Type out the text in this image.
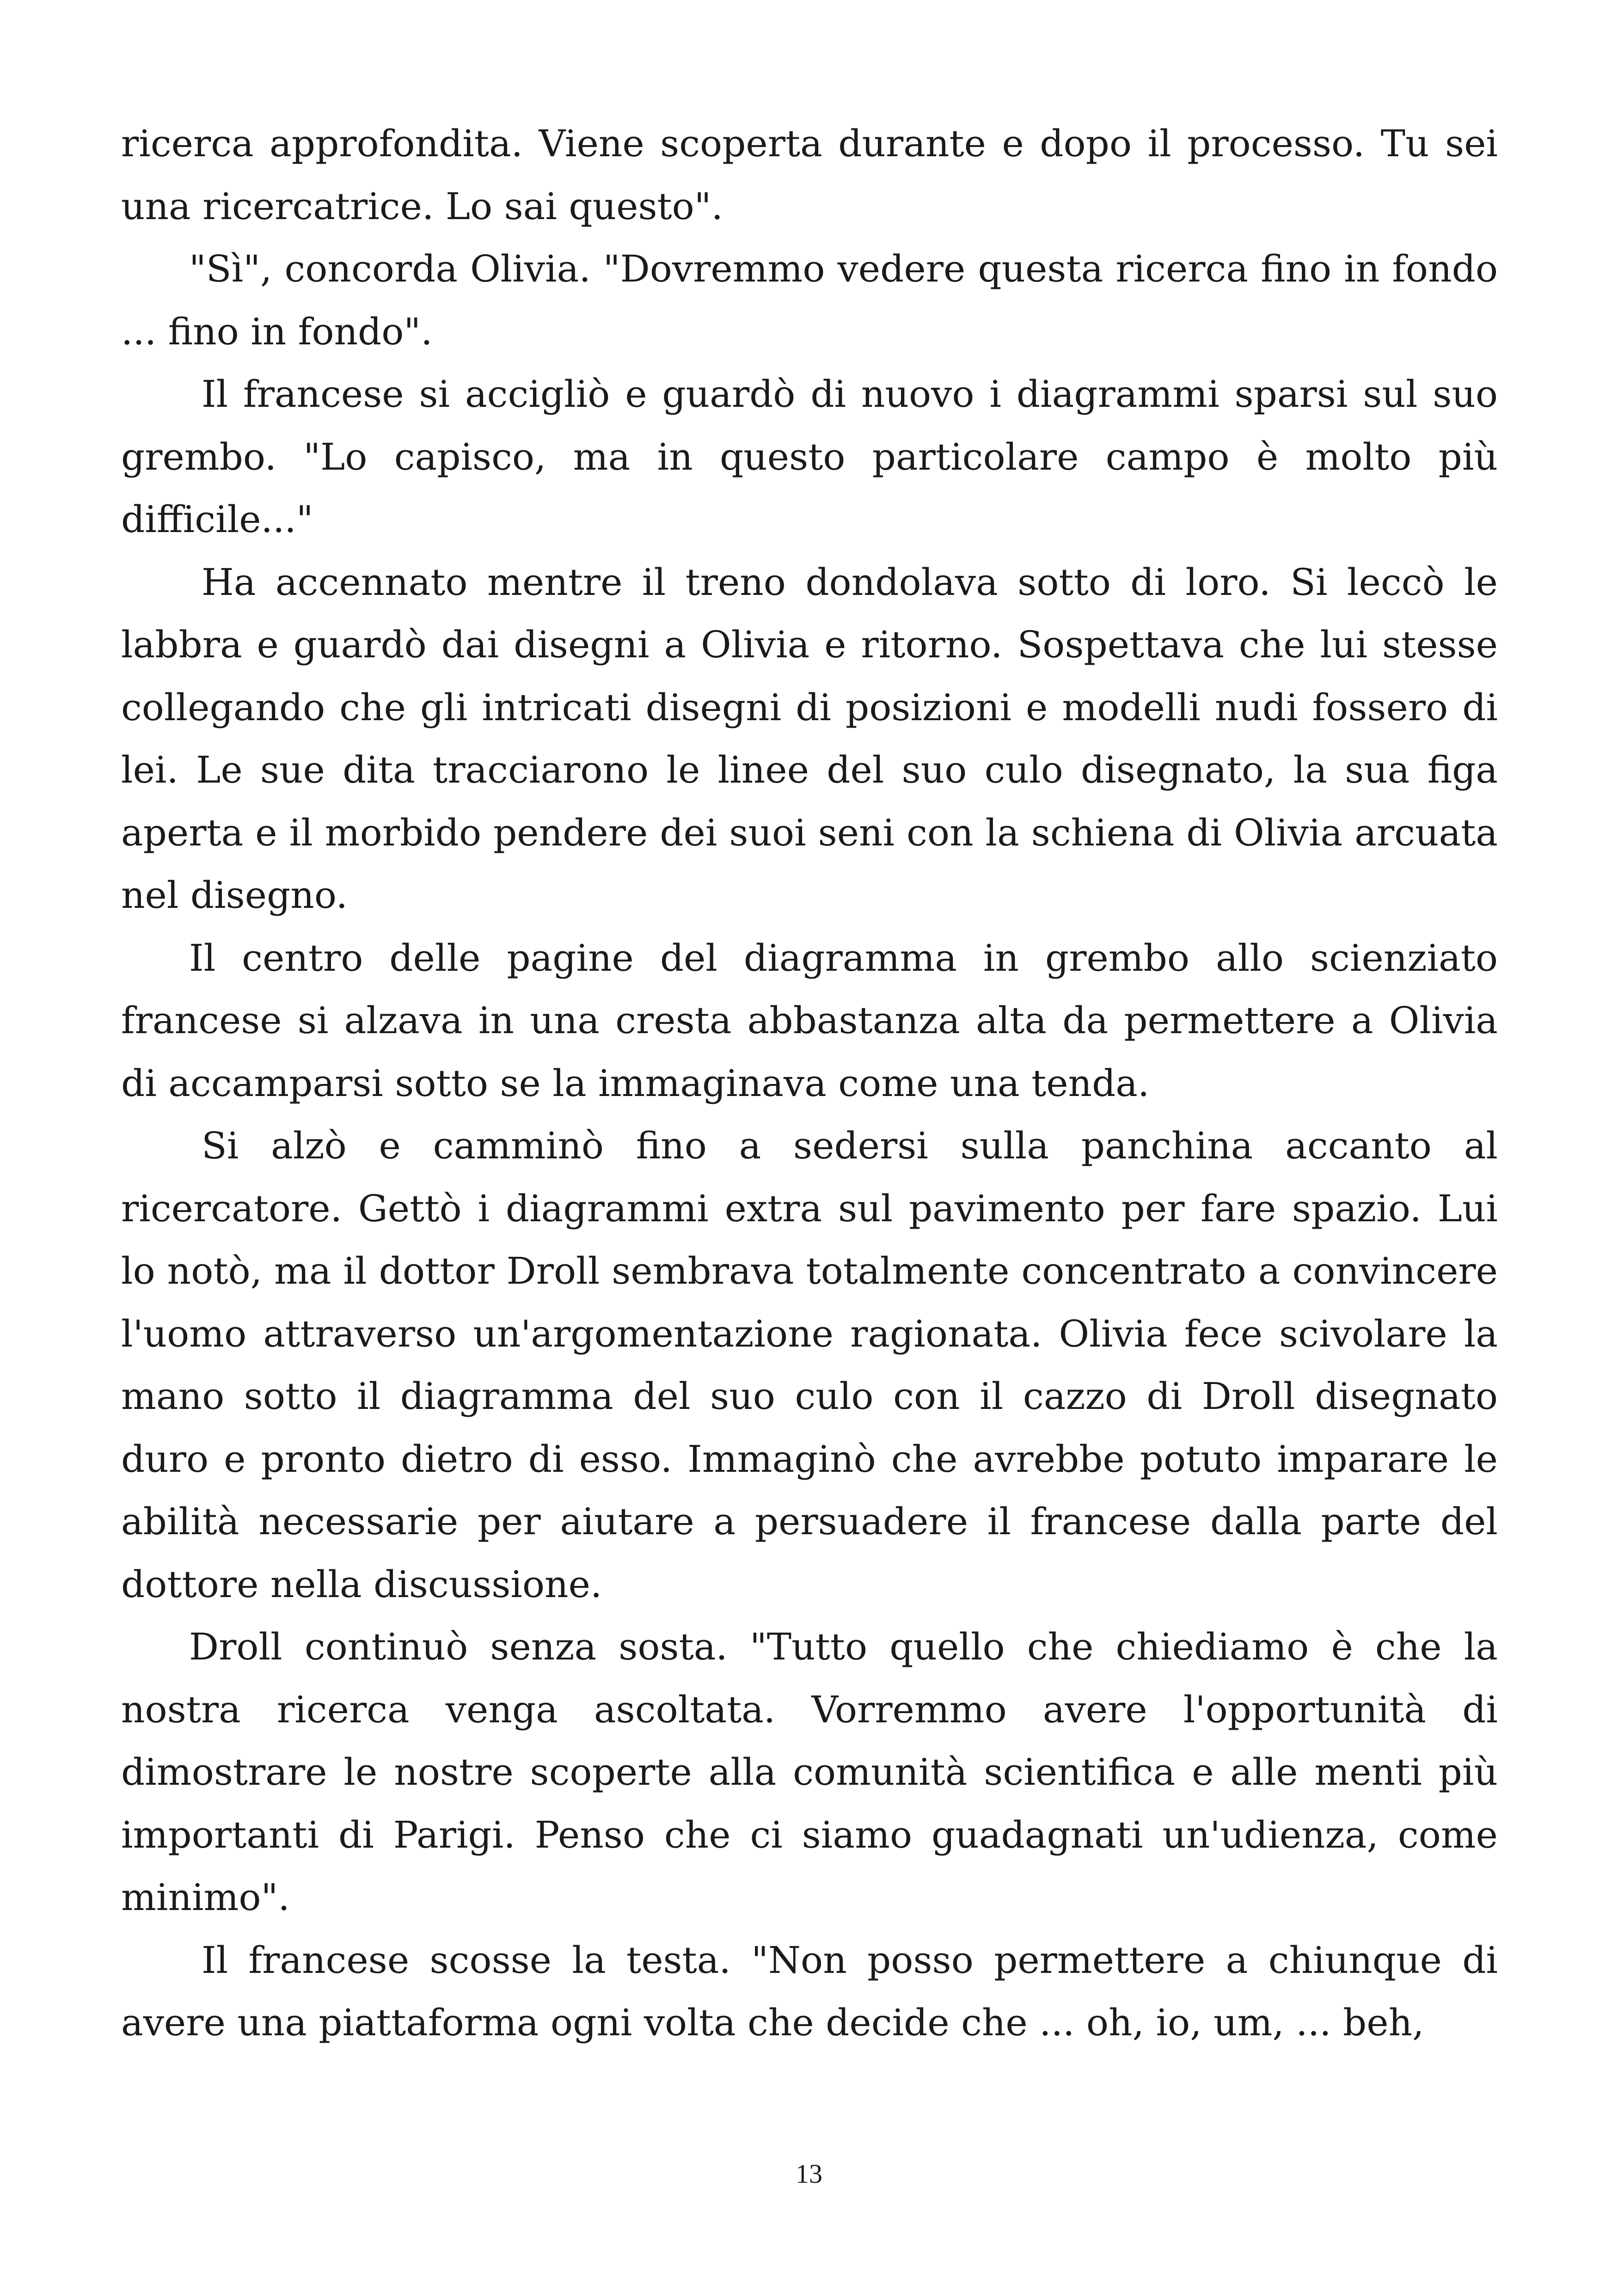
ricerca approfondita. Viene scoperta durante e dopo il processo. Tu sei una ricercatrice. Lo sai questo".

"Sì", concorda Olivia. "Dovremmo vedere questa ricerca fino in fondo ... fino in fondo".

Il francese si accigliò e guardò di nuovo i diagrammi sparsi sul suo grembo. "Lo capisco, ma in questo particolare campo è molto più difficile..."

Ha accennato mentre il treno dondolava sotto di loro. Si leccò le labbra e guardò dai disegni a Olivia e ritorno. Sospettava che lui stesse collegando che gli intricati disegni di posizioni e modelli nudi fossero di lei. Le sue dita tracciarono le linee del suo culo disegnato, la sua figa aperta e il morbido pendere dei suoi seni con la schiena di Olivia arcuata nel disegno.

Il centro delle pagine del diagramma in grembo allo scienziato francese si alzava in una cresta abbastanza alta da permettere a Olivia di accamparsi sotto se la immaginava come una tenda.

Si alzò e camminò fino a sedersi sulla panchina accanto al ricercatore. Gettò i diagrammi extra sul pavimento per fare spazio. Lui lo notò, ma il dottor Droll sembrava totalmente concentrato a convincere l'uomo attraverso un'argomentazione ragionata. Olivia fece scivolare la mano sotto il diagramma del suo culo con il cazzo di Droll disegnato duro e pronto dietro di esso. Immaginò che avrebbe potuto imparare le abilità necessarie per aiutare a persuadere il francese dalla parte del dottore nella discussione.

Droll continuò senza sosta. "Tutto quello che chiediamo è che la nostra ricerca venga ascoltata. Vorremmo avere l'opportunità di dimostrare le nostre scoperte alla comunità scientifica e alle menti più importanti di Parigi. Penso che ci siamo guadagnati un'udienza, come minimo".

Il francese scosse la testa. "Non posso permettere a chiunque di avere una piattaforma ogni volta che decide che ... oh, io, um, ... beh,

13
